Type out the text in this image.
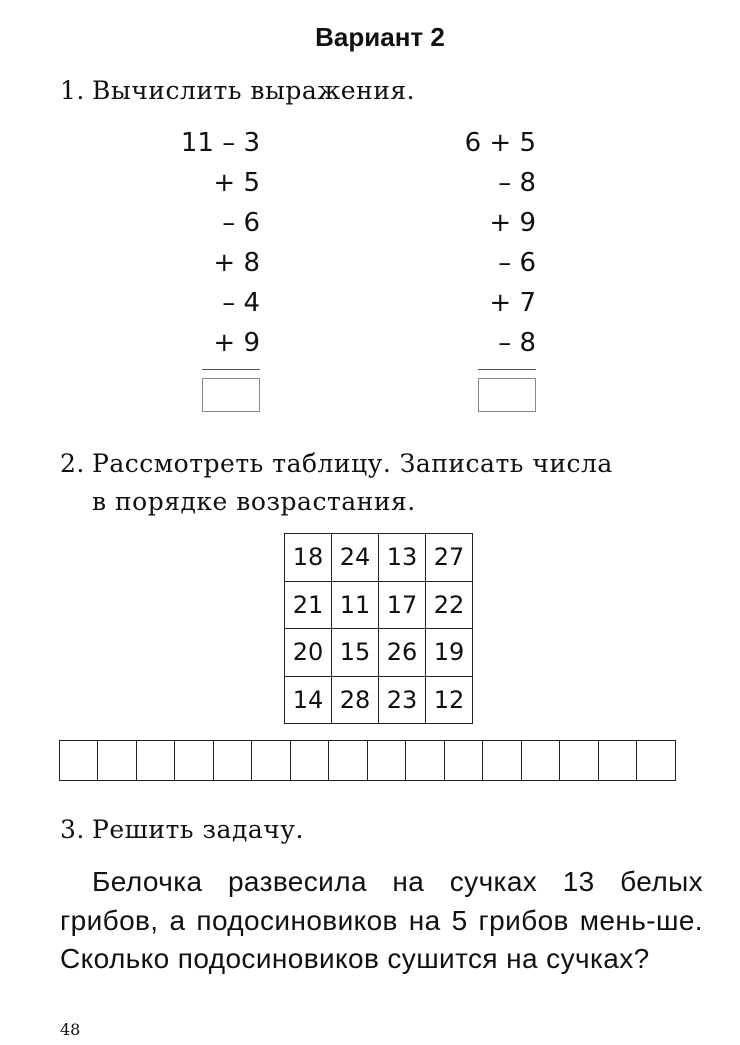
Вариант 2
1. Вычислить выражения.
11 – 3
+ 5
– 6
+ 8
– 4
+ 9
6 + 5
– 8
+ 9
– 6
+ 7
– 8
2. Рассмотреть таблицу. Записать числа
в порядке возрастания.
18	24	13	27
21	11	17	22
20	15	26	19
14	28	23	12
3. Решить задачу.
Белочка развесила на сучках 13 белых грибов, а подосиновиков на 5 грибов мень-ше. Сколько подосиновиков сушится на сучках?
48
